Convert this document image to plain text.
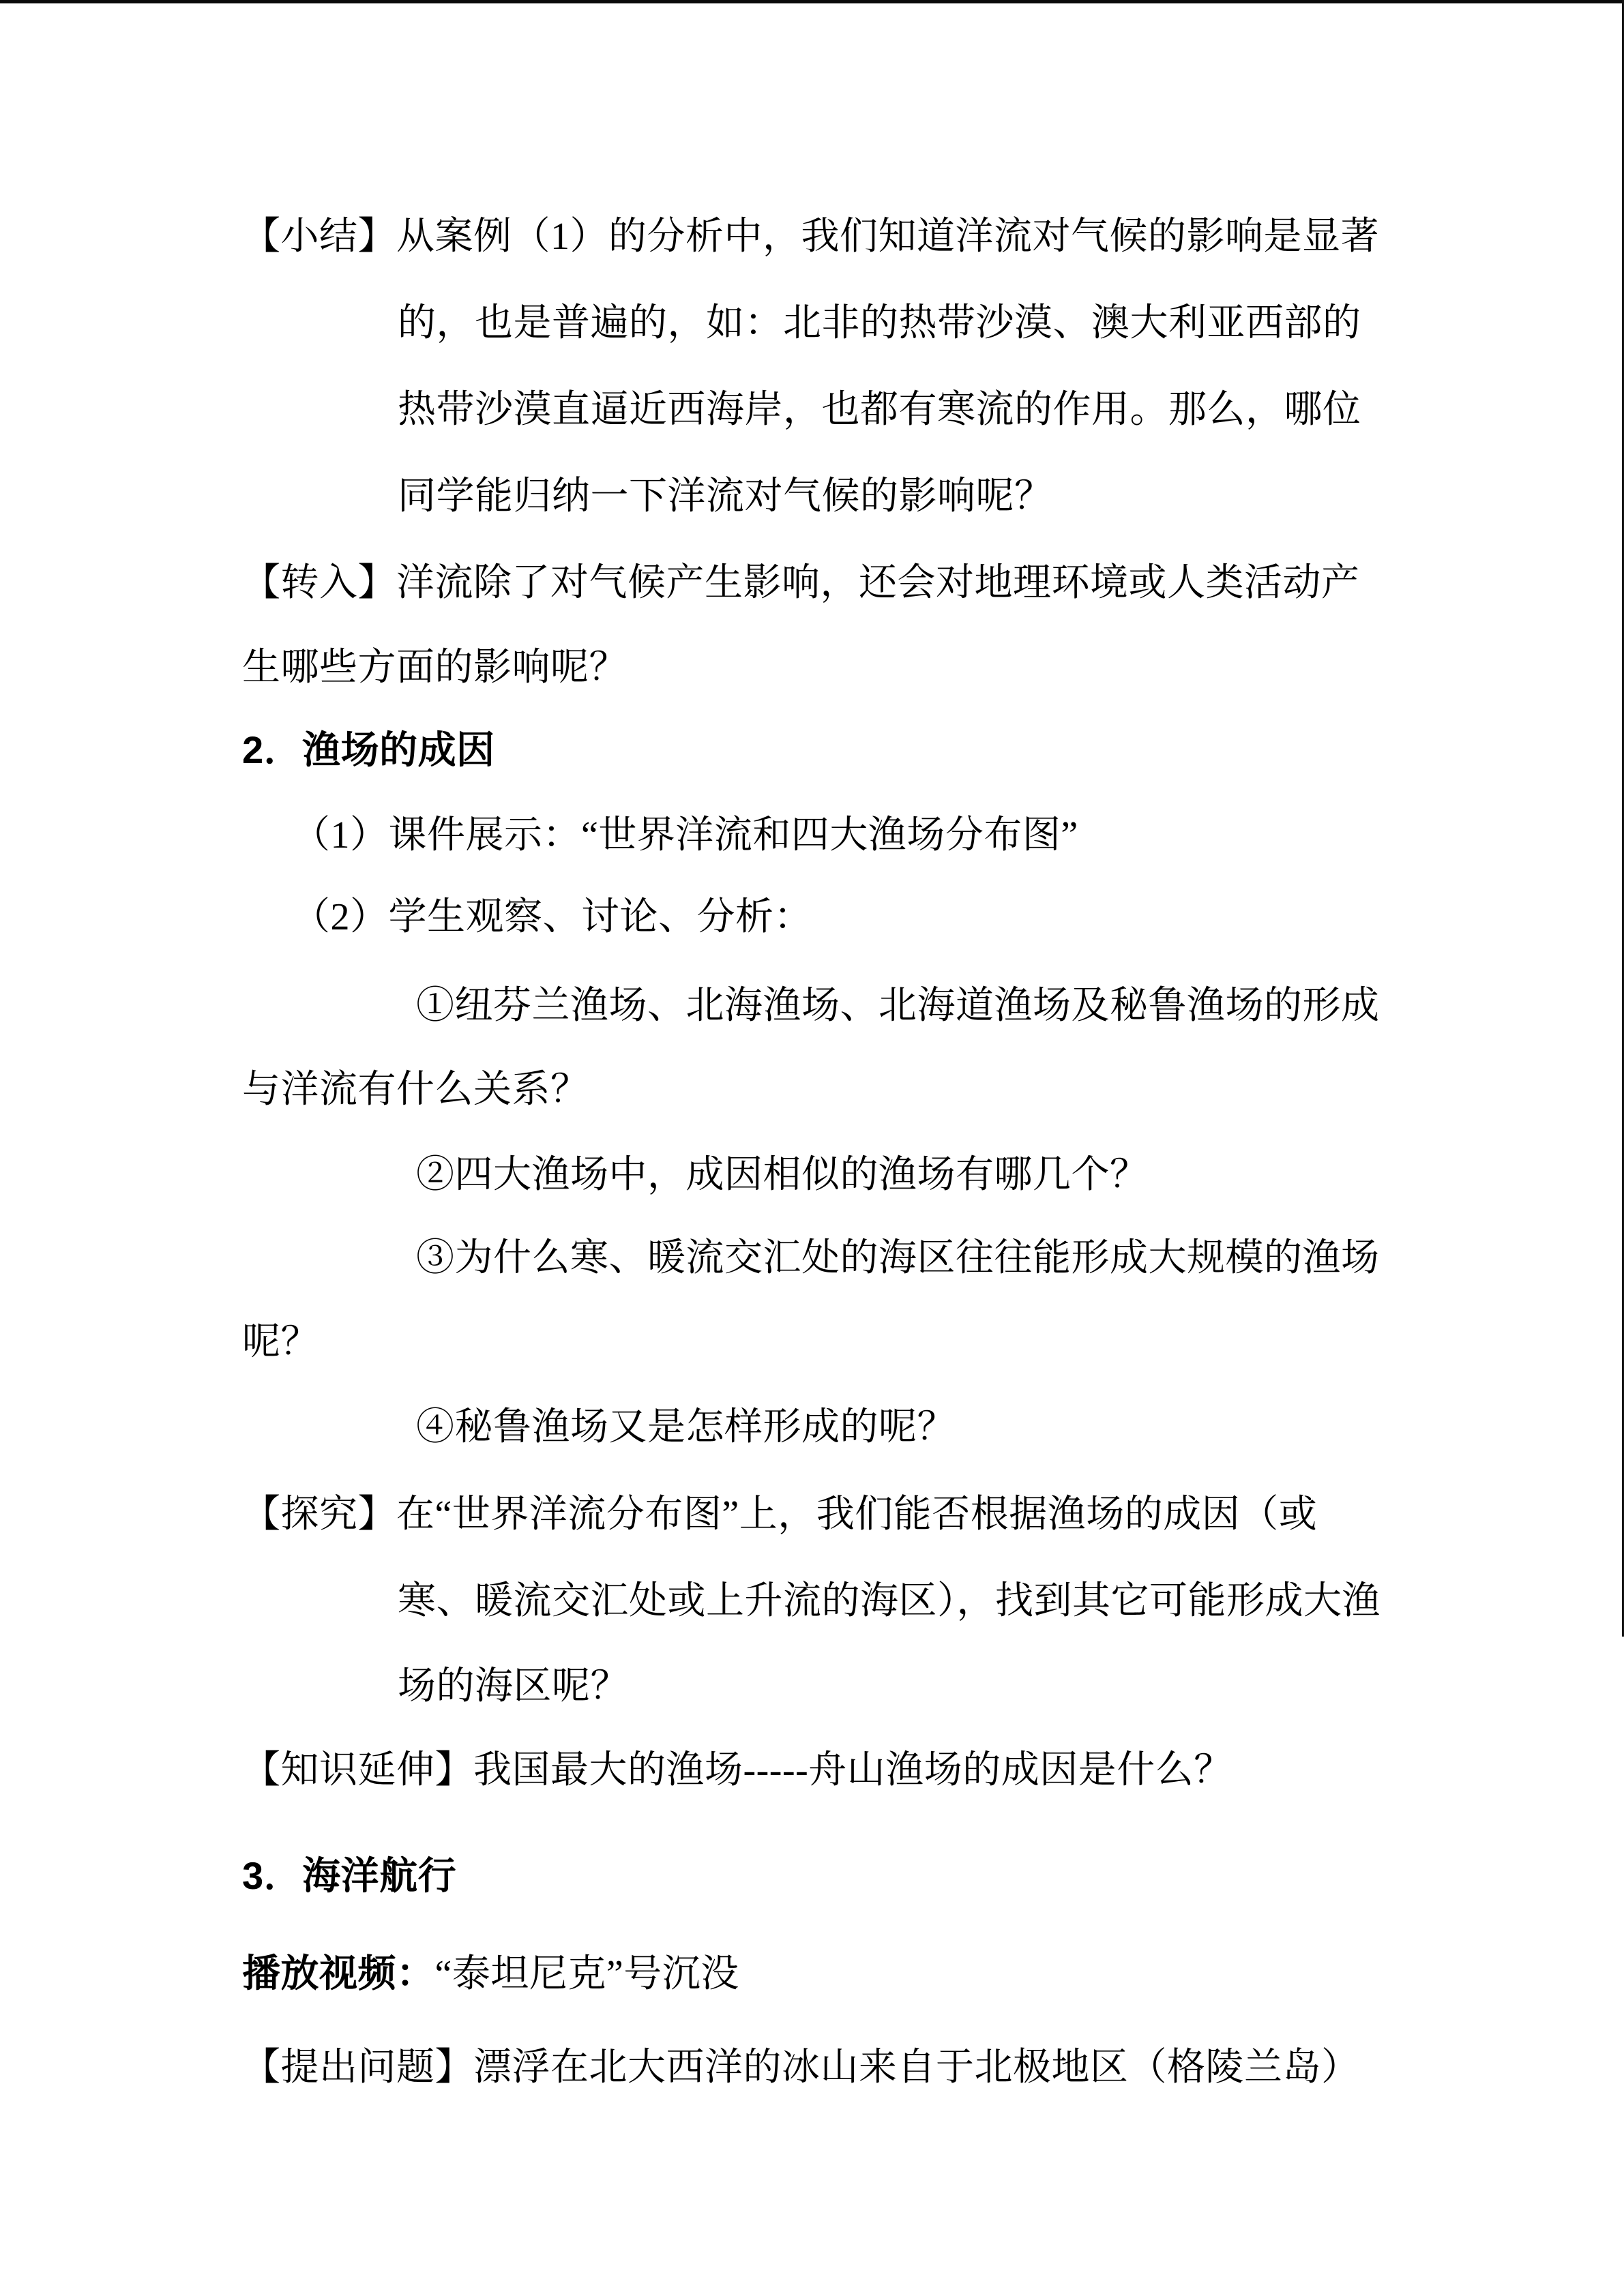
【小结】从案例（1）的分析中，我们知道洋流对气候的影响是显著
的，也是普遍的，如：北非的热带沙漠、澳大利亚西部的
热带沙漠直逼近西海岸，也都有寒流的作用。那么，哪位
同学能归纳一下洋流对气候的影响呢？
【转入】洋流除了对气候产生影响，还会对地理环境或人类活动产
生哪些方面的影响呢？
2．渔场的成因
（1）课件展示：“世界洋流和四大渔场分布图”
（2）学生观察、讨论、分析：
①纽芬兰渔场、北海渔场、北海道渔场及秘鲁渔场的形成
与洋流有什么关系？
②四大渔场中，成因相似的渔场有哪几个？
③为什么寒、暖流交汇处的海区往往能形成大规模的渔场
呢？
④秘鲁渔场又是怎样形成的呢？
【探究】在“世界洋流分布图”上，我们能否根据渔场的成因（或
寒、暖流交汇处或上升流的海区），找到其它可能形成大渔
场的海区呢？
【知识延伸】我国最大的渔场-----舟山渔场的成因是什么？
3．海洋航行
播放视频：“泰坦尼克”号沉没
【提出问题】漂浮在北大西洋的冰山来自于北极地区（格陵兰岛）
